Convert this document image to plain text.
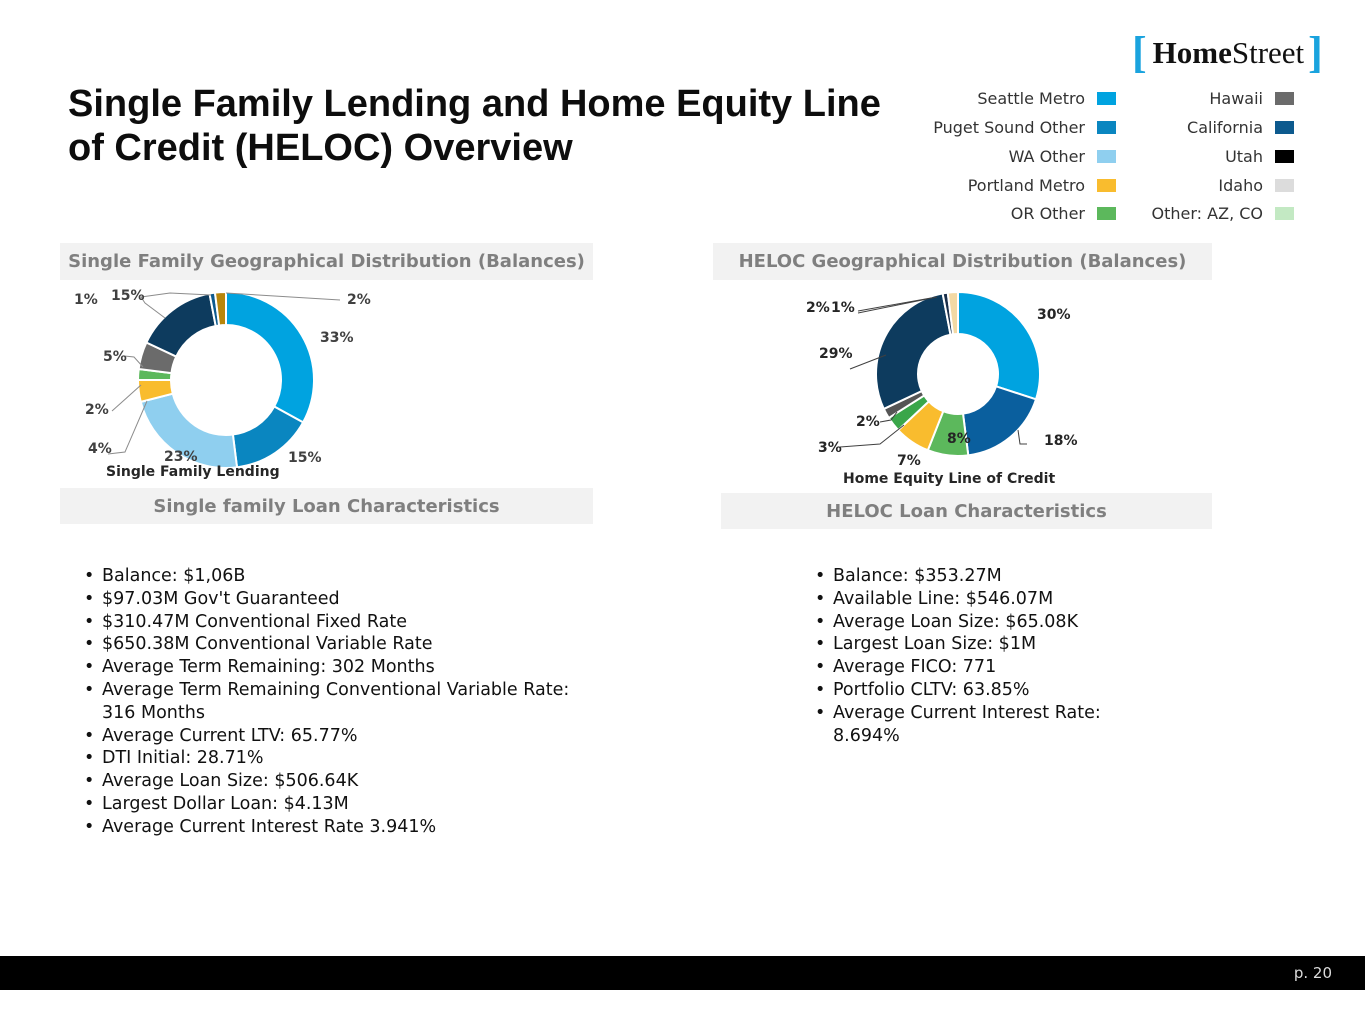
Single Family Lending and Home Equity Line of Credit (HELOC) Overview
[ Home Street ]
Seattle Metro
Puget Sound Other
WA Other
Portland Metro
OR Other
Hawaii
California
Utah
Idaho
Other: AZ, CO
Single Family Geographical Distribution (Balances)	HELOC Geographical Distribution (Balances)
Single family Loan Characteristics	HELOC Loan Characteristics
33%
15%
23%
4%
2%
5%
15%
1%	2%
Single Family Lending
30%
18%
8%
7%
3%
2%
29%
1%
2%
Home Equity Line of Credit
• Balance: $1,06B
• $97.03M Gov't Guaranteed
• $310.47M Conventional Fixed Rate
• $650.38M Conventional Variable Rate
• Average Term Remaining: 302 Months
• Average Term Remaining Conventional Variable Rate: 316 Months
• Average Current LTV: 65.77%
• DTI Initial: 28.71%
• Average Loan Size: $506.64K
• Largest Dollar Loan: $4.13M
• Average Current Interest Rate 3.941%
• Balance: $353.27M
• Available Line: $546.07M
• Average Loan Size: $65.08K
• Largest Loan Size: $1M
• Average FICO: 771
• Portfolio CLTV: 63.85%
• Average Current Interest Rate: 8.694%
p. 20
